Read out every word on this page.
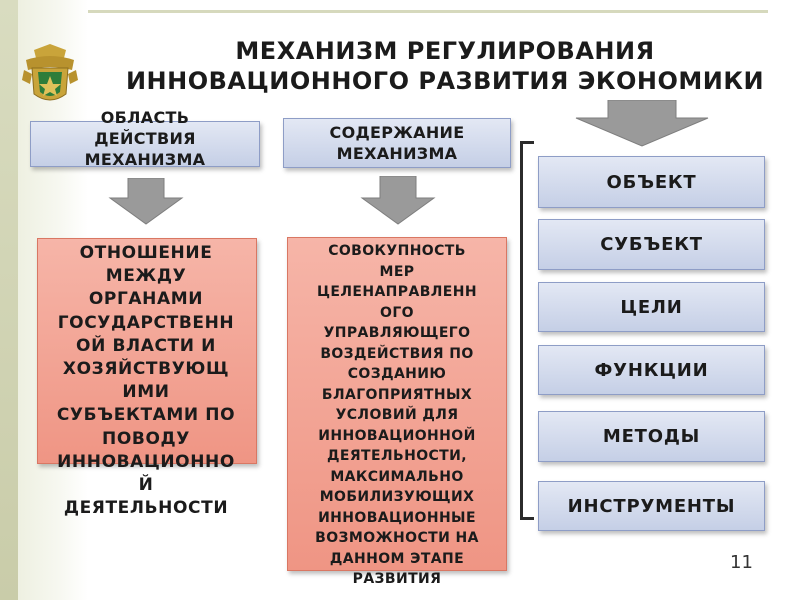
МЕХАНИЗМ РЕГУЛИРОВАНИЯ
ИННОВАЦИОННОГО РАЗВИТИЯ ЭКОНОМИКИ
ОБЛАСТЬ
ДЕЙСТВИЯ
МЕХАНИЗМА
СОДЕРЖАНИЕ
МЕХАНИЗМА
ОТНОШЕНИЕ
МЕЖДУ
ОРГАНАМИ
ГОСУДАРСТВЕНН
ОЙ ВЛАСТИ И
ХОЗЯЙСТВУЮЩ
ИМИ
СУБЪЕКТАМИ ПО
ПОВОДУ
ИННОВАЦИОННО
Й
ДЕЯТЕЛЬНОСТИ
СОВОКУПНОСТЬ
МЕР
ЦЕЛЕНАПРАВЛЕНН
ОГО
УПРАВЛЯЮЩЕГО
ВОЗДЕЙСТВИЯ ПО
СОЗДАНИЮ
БЛАГОПРИЯТНЫХ
УСЛОВИЙ ДЛЯ
ИННОВАЦИОННОЙ
ДЕЯТЕЛЬНОСТИ,
МАКСИМАЛЬНО
МОБИЛИЗУЮЩИХ
ИННОВАЦИОННЫЕ
ВОЗМОЖНОСТИ НА
ДАННОМ ЭТАПЕ
РАЗВИТИЯ
ОБЪЕКТ
СУБЪЕКТ
ЦЕЛИ
ФУНКЦИИ
МЕТОДЫ
ИНСТРУМЕНТЫ
11
